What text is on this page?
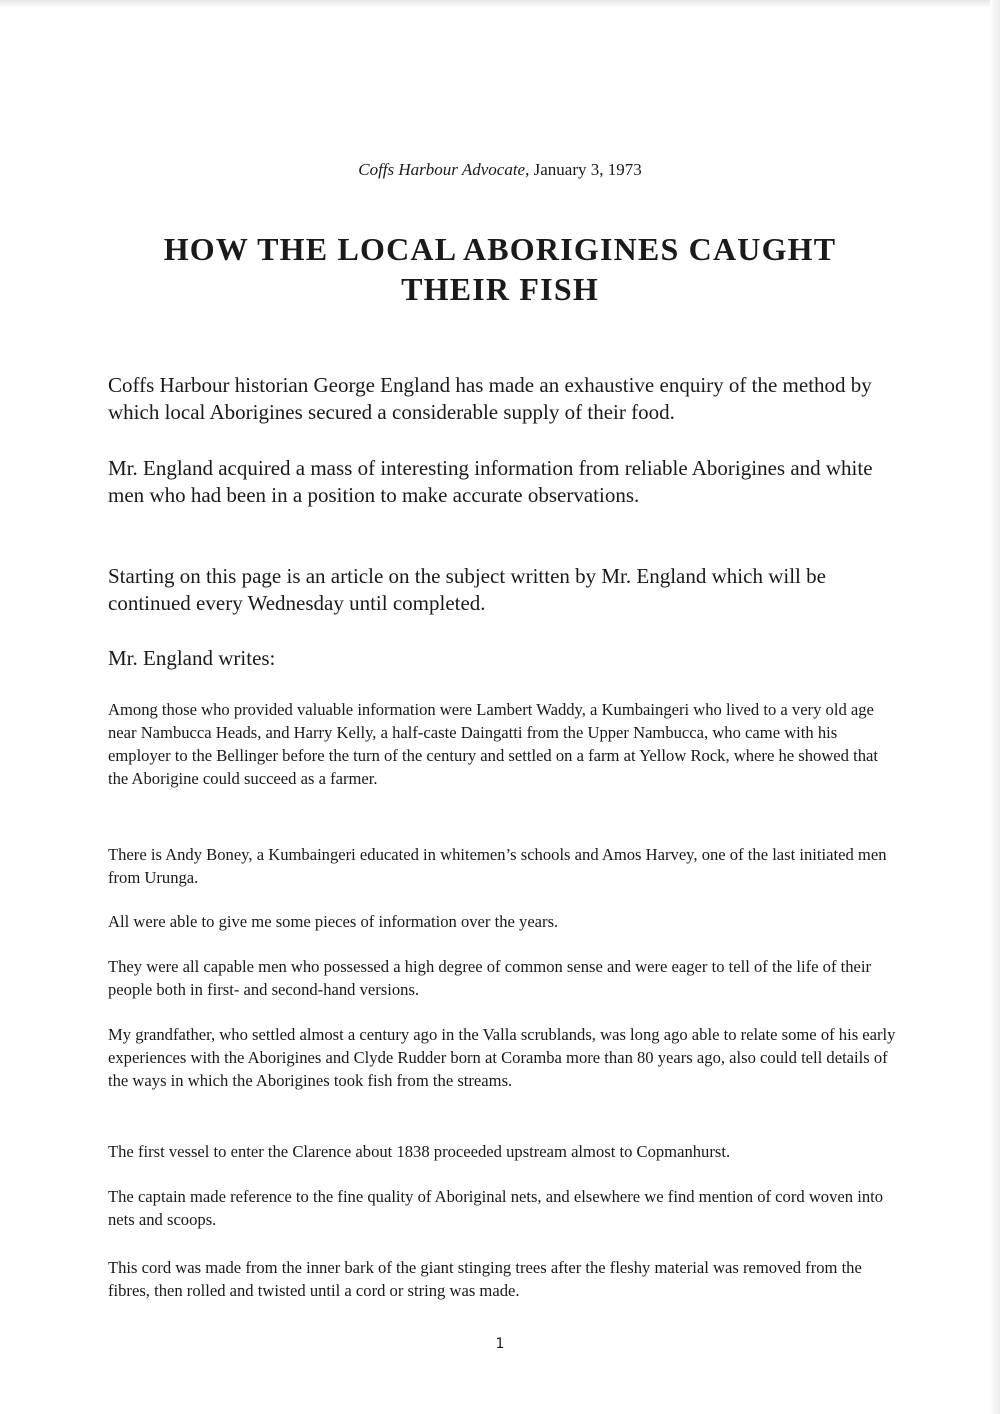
Coffs Harbour Advocate, January 3, 1973
HOW THE LOCAL ABORIGINES CAUGHT
THEIR FISH

Coffs Harbour historian George England has made an exhaustive enquiry of the method by which local Aborigines secured a considerable supply of their food.

Mr. England acquired a mass of interesting information from reliable Aborigines and white men who had been in a position to make accurate observations.

Starting on this page is an article on the subject written by Mr. England which will be continued every Wednesday until completed.

Mr. England writes:

Among those who provided valuable information were Lambert Waddy, a Kumbaingeri who lived to a very old age near Nambucca Heads, and Harry Kelly, a half-caste Daingatti from the Upper Nambucca, who came with his employer to the Bellinger before the turn of the century and settled on a farm at Yellow Rock, where he showed that the Aborigine could succeed as a farmer.

There is Andy Boney, a Kumbaingeri educated in whitemen’s schools and Amos Harvey, one of the last initiated men from Urunga.

All were able to give me some pieces of information over the years.

They were all capable men who possessed a high degree of common sense and were eager to tell of the life of their people both in first- and second-hand versions.

My grandfather, who settled almost a century ago in the Valla scrublands, was long ago able to relate some of his early experiences with the Aborigines and Clyde Rudder born at Coramba more than 80 years ago, also could tell details of the ways in which the Aborigines took fish from the streams.

The first vessel to enter the Clarence about 1838 proceeded upstream almost to Copmanhurst.

The captain made reference to the fine quality of Aboriginal nets, and elsewhere we find mention of cord woven into nets and scoops.

This cord was made from the inner bark of the giant stinging trees after the fleshy material was removed from the fibres, then rolled and twisted until a cord or string was made.

1
